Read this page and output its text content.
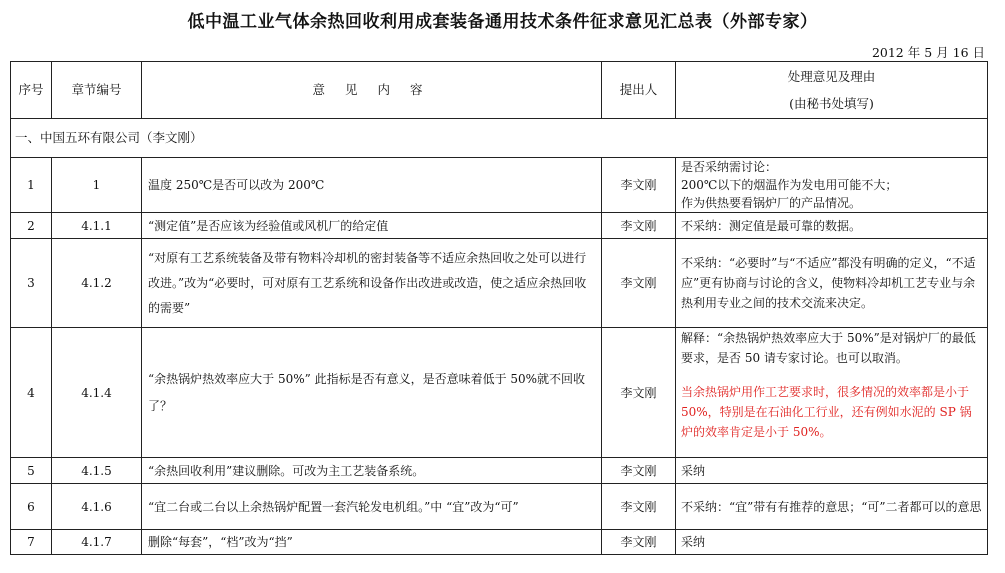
低中温工业气体余热回收利用成套装备通用技术条件征求意见汇总表（外部专家）
2012 年 5 月 16 日
序号	章节编号	意 见 内 容	提出人	处理意见及理由
(由秘书处填写)

一、中国五环有限公司（李文刚）				
1	1	温度 250℃是否可以改为 200℃	李文刚	是否采纳需讨论：
200℃以下的烟温作为发电用可能不大；
作为供热要看锅炉厂的产品情况。

2	4.1.1	“测定值”是否应该为经验值或风机厂的给定值	李文刚	不采纳：测定值是最可靠的数据。
3	4.1.2	“对原有工艺系统装备及带有物料冷却机的密封装备等不适应余热回收之处可以进行改进。”改为“必要时，可对原有工艺系统和设备作出改进或改造，使之适应余热回收的需要”	李文刚	不采纳：“必要时”与“不适应”都没有明确的定义，“不适应”更有协商与讨论的含义，使物料冷却机工艺专业与余热利用专业之间的技术交流来决定。
4	4.1.4	“余热锅炉热效率应大于 50%” 此指标是否有意义，是否意味着低于 50%就不回收了？	李文刚	解释：“余热锅炉热效率应大于 50%”是对锅炉厂的最低要求，是否 50 请专家讨论。也可以取消。
当余热锅炉用作工艺要求时，很多情况的效率都是小于 50%，特别是在石油化工行业，还有例如水泥的 SP 锅炉的效率肯定是小于 50%。

5	4.1.5	“余热回收利用”建议删除。可改为主工艺装备系统。	李文刚	采纳
6	4.1.6	“宜二台或二台以上余热锅炉配置一套汽轮发电机组。”中 “宜”改为“可”	李文刚	不采纳：“宜”带有有推荐的意思；“可”二者都可以的意思
7	4.1.7	删除“每套”，“档”改为“挡”	李文刚	采纳
